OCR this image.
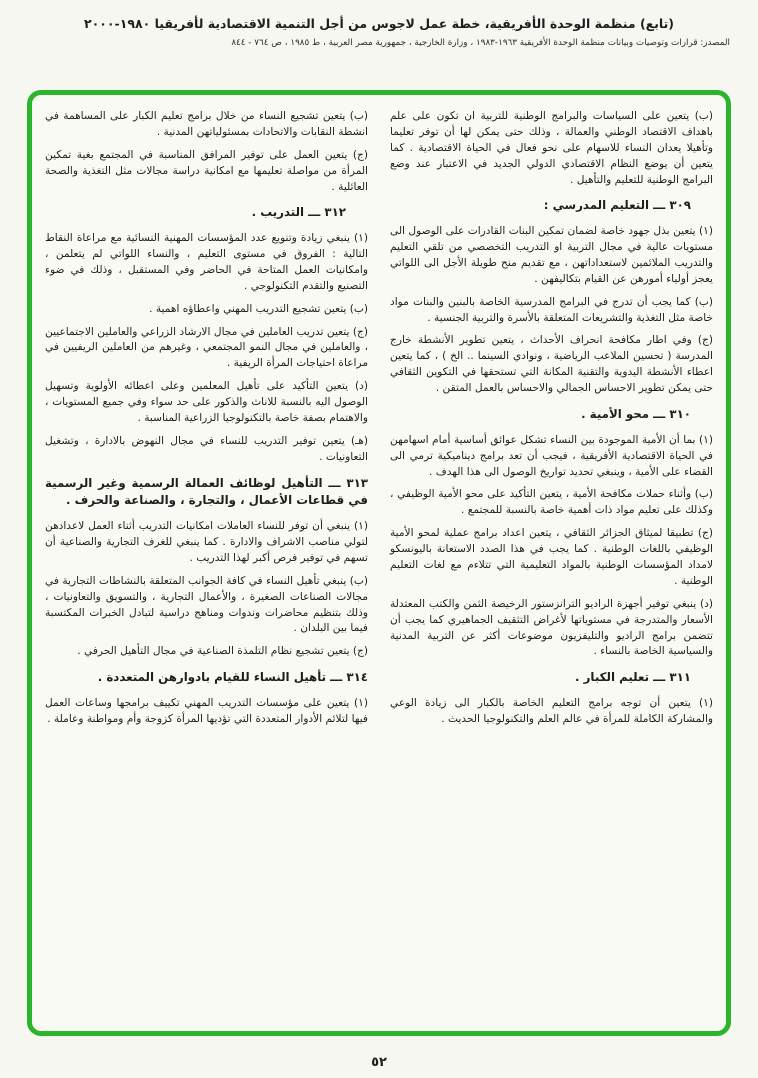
(تابع) منظمة الوحدة الأفريقية، خطة عمل لاجوس من أجل التنمية الاقتصادية لأفريقيا ١٩٨٠-٢٠٠٠
المصدر: قرارات وتوصيات وبيانات منظمة الوحدة الأفريقية ١٩٦٣-١٩٨٣ ، وزارة الخارجية ، جمهورية مصر العربية ، ط ١٩٨٥ ، ص ٧٦٤ - ٨٤٤

(ب) يتعين على السياسات والبرامج الوطنية للتربية ان تكون على علم باهداف الاقتصاد الوطني والعمالة ، وذلك حتى يمكن لها أن توفر تعليما وتأهيلا يعدان النساء للاسهام على نحو فعال في الحياة الاقتصادية . كما يتعين أن يوضع النظام الاقتصادي الدولي الجديد في الاعتبار عند وضع البرامج الوطنية للتعليم والتأهيل .

٣٠٩ ـــ التعليم المدرسي :

(١) يتعين بذل جهود خاصة لضمان تمكين البنات القادرات على الوصول الى مستويات عالية في مجال التربية او التدريب التخصصي من تلقي التعليم والتدريب الملائمين لاستعداداتهن ، مع تقديم منح طويلة الأجل الى اللواتي يعجز أولياء أمورهن عن القيام بتكاليفهن .

(ب) كما يجب أن تدرج في البرامج المدرسية الخاصة بالبنين والبنات مواد خاصة مثل التغذية والتشريعات المتعلقة بالأسرة والتربية الجنسية .

(ج) وفي اطار مكافحة انحراف الأحداث ، يتعين تطوير الأنشطة خارج المدرسة ( تحسين الملاعب الرياضية ، ونوادي السينما .. الخ ) ، كما يتعين اعطاء الأنشطة اليدوية والتقنية المكانة التي تستحقها في التكوين الثقافي حتى يمكن تطوير الاحساس الجمالي والاحساس بالعمل المتقن .

٣١٠ ـــ محو الأمية .

(١) بما أن الأمية الموجودة بين النساء تشكل عوائق أساسية أمام اسهامهن في الحياة الاقتصادية الأفريقية ، فيجب أن تعد برامج ديناميكية ترمي الى القضاء على الأمية ، وينبغي تحديد تواريخ الوصول الى هذا الهدف .

(ب) وأثناء حملات مكافحة الأمية ، يتعين التأكيد على محو الأمية الوظيفي ، وكذلك على تعليم مواد ذات أهمية خاصة بالنسبة للمجتمع .

(ج) تطبيقا لميثاق الجزائر الثقافي ، يتعين اعداد برامج عملية لمحو الأمية الوظيفي باللغات الوطنية . كما يجب في هذا الصدد الاستعانة باليونسكو لامداد المؤسسات الوطنية بالمواد التعليمية التي تتلاءم مع لغات التعليم الوطنية .

(د) ينبغي توفير أجهزة الراديو الترانزستور الرخيصة الثمن والكتب المعتدلة الأسعار والمتدرجة في مستوياتها لأغراض التثقيف الجماهيري كما يجب أن تتضمن برامج الراديو والتليفزيون موضوعات أكثر عن التربية المدنية والسياسية الخاصة بالنساء .

٣١١ ـــ تعليم الكبار .

(١) يتعين أن توجه برامج التعليم الخاصة بالكبار الى زيادة الوعي والمشاركة الكاملة للمرأة في عالم العلم والتكنولوجيا الحديث .

(ب) يتعين تشجيع النساء من خلال برامج تعليم الكبار على المساهمة في انشطة النقابات والاتحادات بمسئولياتهن المدنية .

(ج) يتعين العمل على توفير المرافق المناسبة في المجتمع بغية تمكين المرأة من مواصلة تعليمها مع امكانية دراسة مجالات مثل التغذية والصحة العائلية .

٣١٢ ـــ التدريب .

(١) ينبغي زيادة وتنويع عدد المؤسسات المهنية النسائية مع مراعاة النقاط التالية : الفروق في مستوى التعليم ، والنساء اللواتي لم يتعلمن ، وامكانيات العمل المتاحة في الحاضر وفي المستقبل ، وذلك في ضوء التصنيع والتقدم التكنولوجي .

(ب) يتعين تشجيع التدريب المهني واعطاؤه اهمية .

(ج) يتعين تدريب العاملين في مجال الارشاد الزراعي والعاملين الاجتماعيين ، والعاملين في مجال النمو المجتمعي ، وغيرهم من العاملين الريفيين في مراعاة احتياجات المرأة الريفية .

(د) يتعين التأكيد على تأهيل المعلمين وعلى اعطائه الأولوية وتسهيل الوصول اليه بالنسبة للاناث والذكور على حد سواء وفي جميع المستويات ، والاهتمام بصفة خاصة بالتكنولوجيا الزراعية المناسبة .

(هـ) يتعين توفير التدريب للنساء في مجال النهوض بالادارة ، وتشغيل التعاونيات .

٣١٣ ـــ التأهيل لوظائف العمالة الرسمية وغير الرسمية في قطاعات الأعمال ، والتجارة ، والصناعة والحرف .

(١) ينبغي أن توفر للنساء العاملات امكانيات التدريب أثناء العمل لاعدادهن لتولي مناصب الاشراف والادارة . كما ينبغي للغرف التجارية والصناعية أن تسهم في توفير فرص أكبر لهذا التدريب .

(ب) ينبغي تأهيل النساء في كافة الجوانب المتعلقة بالنشاطات التجارية في مجالات الصناعات الصغيرة ، والأعمال التجارية ، والتسويق والتعاونيات ، وذلك بتنظيم محاضرات وندوات ومناهج دراسية لتبادل الخبرات المكتسبة فيما بين البلدان .

(ج) يتعين تشجيع نظام التلمذة الصناعية في مجال التأهيل الحرفي .

٣١٤ ـــ تأهيل النساء للقيام بادوارهن المتعددة .

(١) يتعين على مؤسسات التدريب المهني تكييف برامجها وساعات العمل فيها لتلائم الأدوار المتعددة التي تؤديها المرأة كزوجة وأم ومواطنة وعاملة .

٥٢
